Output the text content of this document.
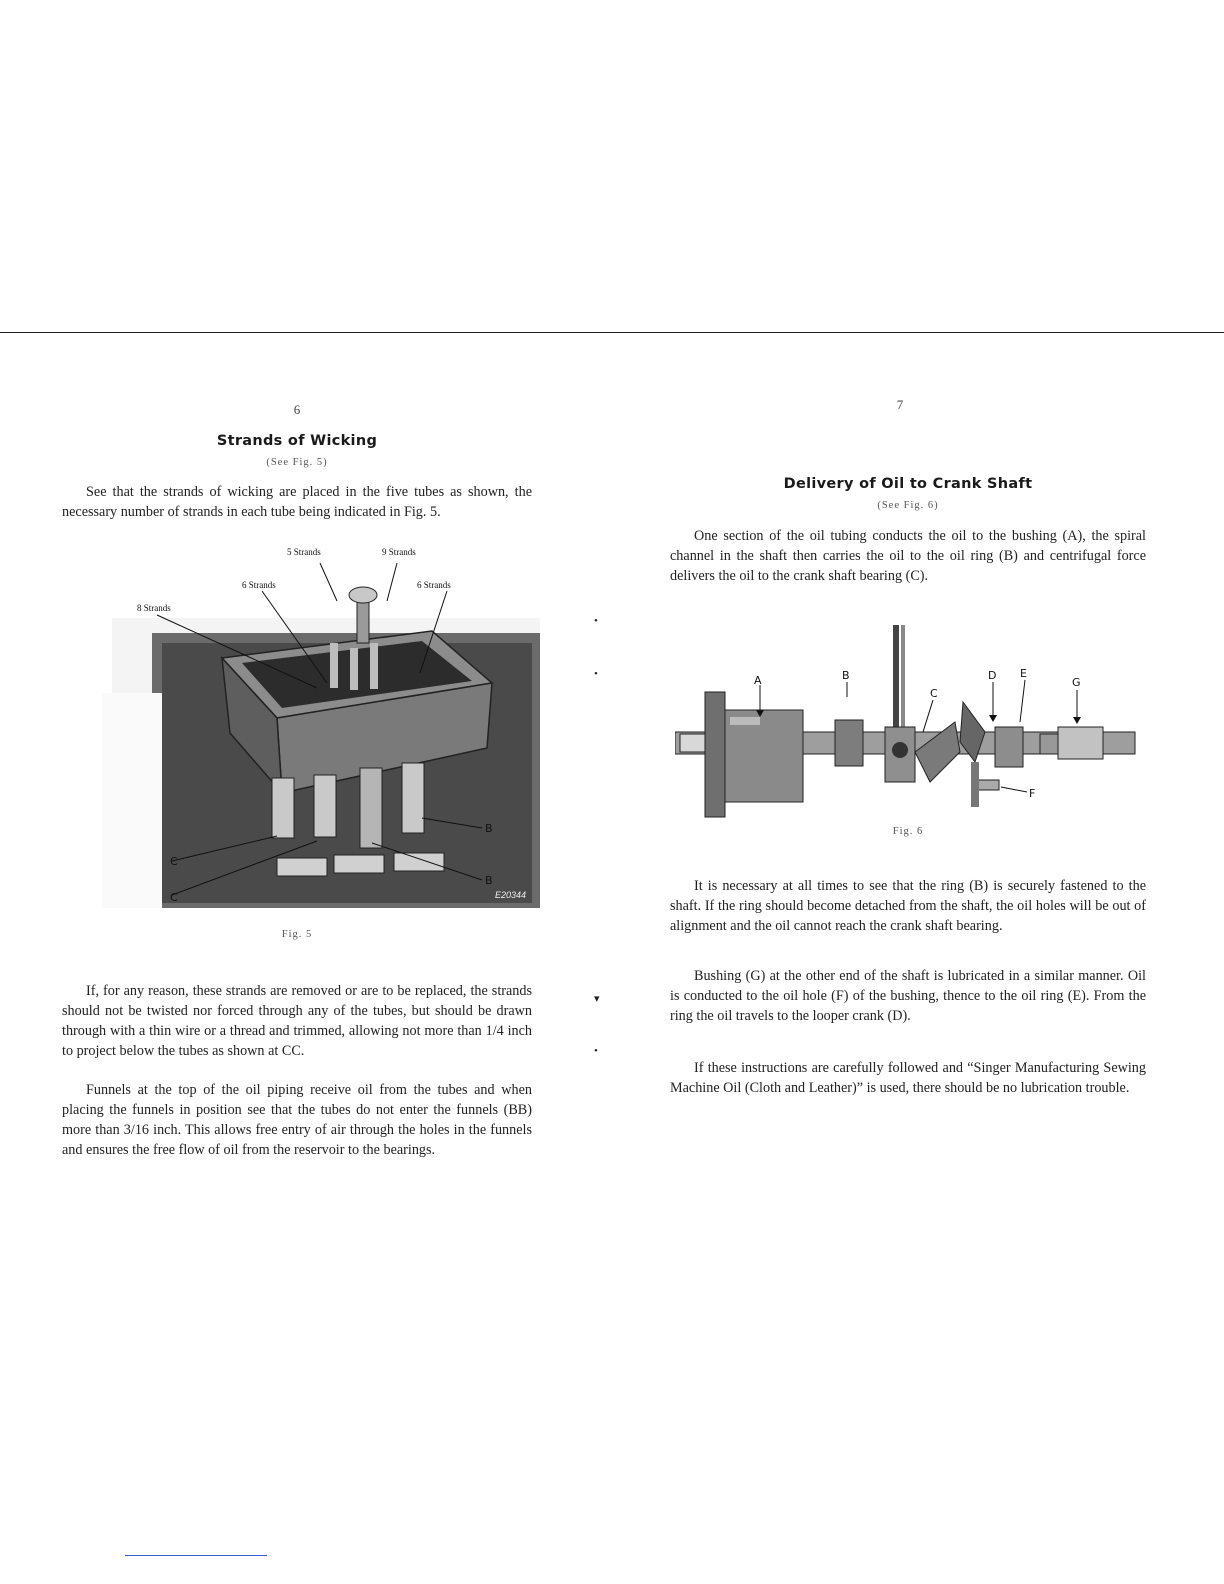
6
Strands of Wicking
(See Fig. 5)

See that the strands of wicking are placed in the five tubes as shown, the necessary number of strands in each tube being indicated in Fig. 5.

5 Strands	9 Strands
6 Strands	6 Strands
8 Strands
C
C
B
B
E20344
Fig. 5

If, for any reason, these strands are removed or are to be replaced, the strands should not be twisted nor forced through any of the tubes, but should be drawn through with a thin wire or a thread and trimmed, allowing not more than 1/4 inch to project below the tubes as shown at CC.

Funnels at the top of the oil piping receive oil from the tubes and when placing the funnels in position see that the tubes do not enter the funnels (BB) more than 3/16 inch. This allows free entry of air through the holes in the funnels and ensures the free flow of oil from the reservoir to the bearings.

•
•
▾
•
7
Delivery of Oil to Crank Shaft
(See Fig. 6)

One section of the oil tubing conducts the oil to the bushing (A), the spiral channel in the shaft then carries the oil to the oil ring (B) and centrifugal force delivers the oil to the crank shaft bearing (C).

A	B
C
D E
G
F
Fig. 6

It is necessary at all times to see that the ring (B) is securely fastened to the shaft. If the ring should become detached from the shaft, the oil holes will be out of alignment and the oil cannot reach the crank shaft bearing.

Bushing (G) at the other end of the shaft is lubricated in a similar manner. Oil is conducted to the oil hole (F) of the bushing, thence to the oil ring (E). From the ring the oil travels to the looper crank (D).

If these instructions are carefully followed and “Singer Manufacturing Sewing Machine Oil (Cloth and Leather)” is used, there should be no lubrication trouble.
